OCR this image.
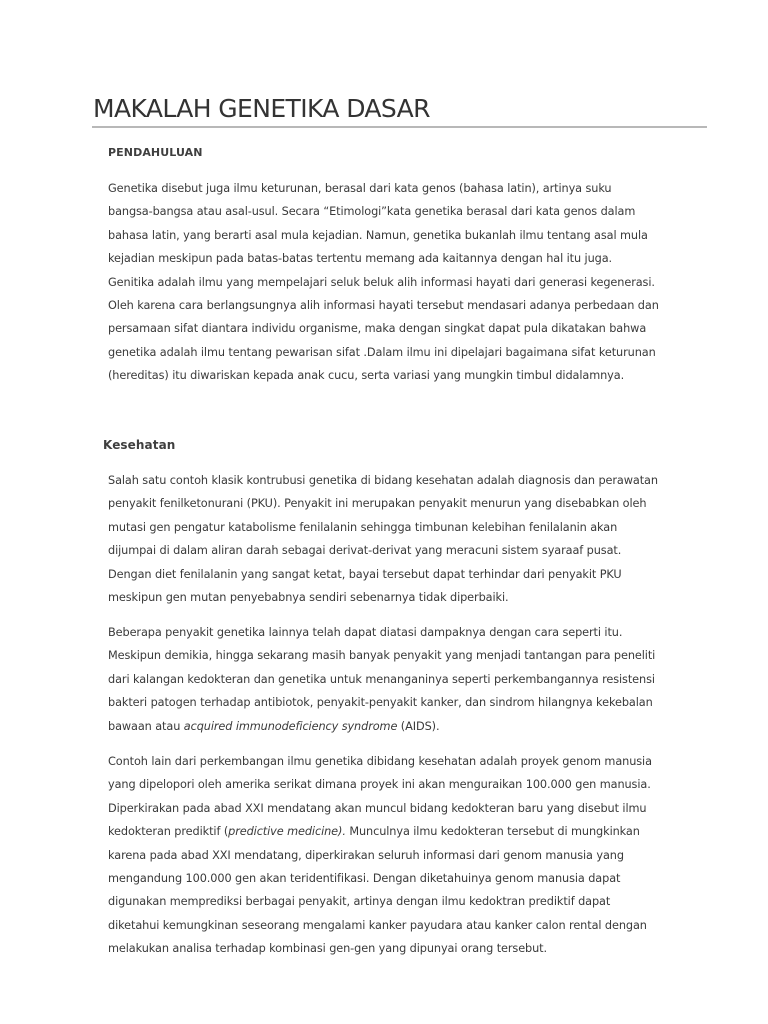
MAKALAH GENETIKA DASAR
PENDAHULUAN

Genetika disebut juga ilmu keturunan, berasal dari kata genos (bahasa latin), artinya suku bangsa-bangsa atau asal-usul. Secara “Etimologi”kata genetika berasal dari kata genos dalam bahasa latin, yang berarti asal mula kejadian. Namun, genetika bukanlah ilmu tentang asal mula kejadian meskipun pada batas-batas tertentu memang ada kaitannya dengan hal itu juga. Genitika adalah ilmu yang mempelajari seluk beluk alih informasi hayati dari generasi kegenerasi. Oleh karena cara berlangsungnya alih informasi hayati tersebut mendasari adanya perbedaan dan persamaan sifat diantara individu organisme, maka dengan singkat dapat pula dikatakan bahwa genetika adalah ilmu tentang pewarisan sifat .Dalam ilmu ini dipelajari bagaimana sifat keturunan (hereditas) itu diwariskan kepada anak cucu, serta variasi yang mungkin timbul didalamnya.

Kesehatan

Salah satu contoh klasik kontrubusi genetika di bidang kesehatan adalah diagnosis dan perawatan penyakit fenilketonurani (PKU). Penyakit ini merupakan penyakit menurun yang disebabkan oleh mutasi gen pengatur katabolisme fenilalanin sehingga timbunan kelebihan fenilalanin akan dijumpai di dalam aliran darah sebagai derivat-derivat yang meracuni sistem syaraaf pusat. Dengan diet fenilalanin yang sangat ketat, bayai tersebut dapat terhindar dari penyakit PKU meskipun gen mutan penyebabnya sendiri sebenarnya tidak diperbaiki.

Beberapa penyakit genetika lainnya telah dapat diatasi dampaknya dengan cara seperti itu. Meskipun demikia, hingga sekarang masih banyak penyakit yang menjadi tantangan para peneliti dari kalangan kedokteran dan genetika untuk menanganinya seperti perkembangannya resistensi bakteri patogen terhadap antibiotok, penyakit-penyakit kanker, dan sindrom hilangnya kekebalan bawaan atau acquired immunodeficiency syndrome (AIDS).

Contoh lain dari perkembangan ilmu genetika dibidang kesehatan adalah proyek genom manusia yang dipelopori oleh amerika serikat dimana proyek ini akan menguraikan 100.000 gen manusia. Diperkirakan pada abad XXI mendatang akan muncul bidang kedokteran baru yang disebut ilmu kedokteran prediktif (predictive medicine). Munculnya ilmu kedokteran tersebut di mungkinkan karena pada abad XXI mendatang, diperkirakan seluruh informasi dari genom manusia yang mengandung 100.000 gen akan teridentifikasi. Dengan diketahuinya genom manusia dapat digunakan memprediksi berbagai penyakit, artinya dengan ilmu kedoktran prediktif dapat diketahui kemungkinan seseorang mengalami kanker payudara atau kanker calon rental dengan melakukan analisa terhadap kombinasi gen-gen yang dipunyai orang tersebut.
